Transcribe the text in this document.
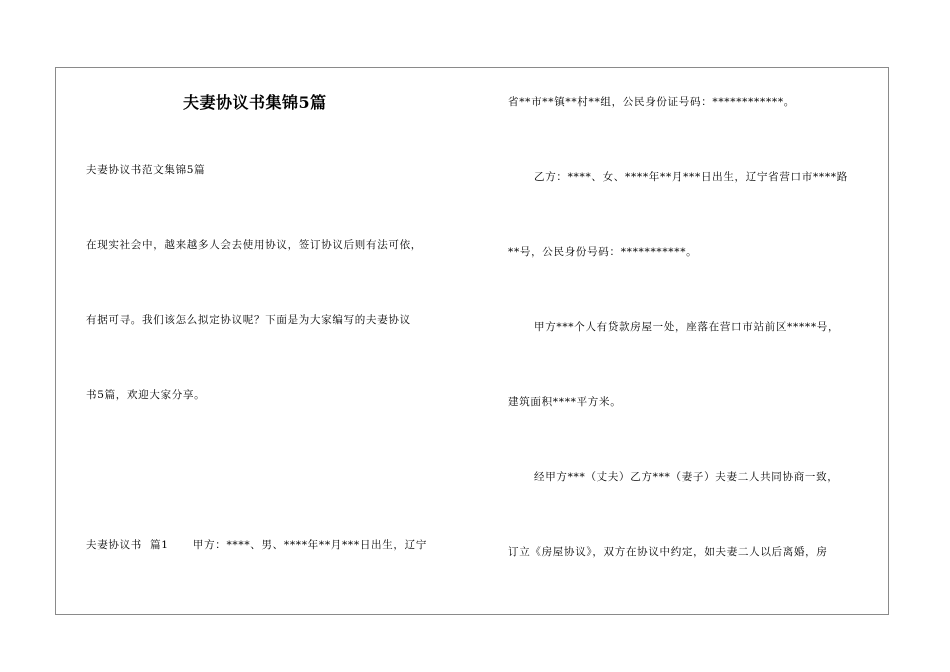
夫妻协议书集锦5篇
夫妻协议书范文集锦5篇
在现实社会中，越来越多人会去使用协议，签订协议后则有法可依，
有据可寻。我们该怎么拟定协议呢？下面是为大家编写的夫妻协议
书5篇，欢迎大家分享。
夫妻协议书  篇1      甲方：****、男、****年**月***日出生，辽宁
省**市**镇**村**组，公民身份证号码：************。
乙方：****、女、****年**月***日出生，辽宁省营口市****路
**号，公民身份号码：***********。
甲方***个人有贷款房屋一处，座落在营口市站前区*****号，
建筑面积****平方米。
经甲方***（丈夫）乙方***（妻子）夫妻二人共同协商一致，
订立《房屋协议》，双方在协议中约定，如夫妻二人以后离婚，房
